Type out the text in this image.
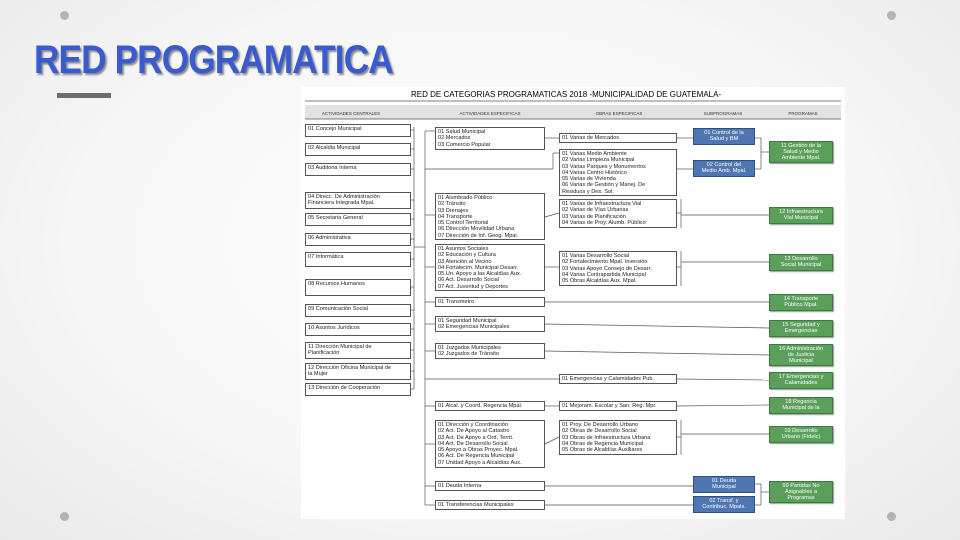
RED PROGRAMATICA
RED DE CATEGORIAS PROGRAMATICAS 2018 -MUNICIPALIDAD DE GUATEMALA-
ACTIVIDADES CENTRALES	ACTIVIDADES ESPECIFICAS	OBRAS ESPECIFICAS	SUBPROGRAMAS	PROGRAMAS
01 Concejo Municipal
02 Alcaldia Municipal
03 Auditoria Interna
04 Direcc. De Administración
Financiera Integrada Mpal.
05 Secretaria General
06 Administrativa
07 Informática
08 Recursos Humanos
09 Comunicación Social
10 Asuntos Jurídicos
11 Dirección Municipal de
Planificación
12 Dirección Oficina Municipal de
la Mujer
13 Dirección de Cooperación
01 Salud Municipal
02 Mercados
03 Comercio Popular
01 Alumbrado Público
02 Tránsito
03 Drenajes
04 Transporte
05 Control Territorial
06 Dirección Movilidad Urbana
07 Dirección de Inf. Geog. Mpal.
01 Asuntos Sociales
02 Educación y Cultura
03 Atención al Vecino
04 Fortalecim. Municipal Desarr.
05 Un. Apoyo a las Alcaldías Aux.
06 Act. Desarrollo Social
07 Act. Juventud y Deportes
01 Transmetro
01 Seguridad Municipal
02 Emergencias Municipales
01 Juzgados Municipales
02 Juzgados de Tránsito
01 Alcal. y Coord. Regencia Mpal.
01 Dirección y Coordinación
02 Act. De Apoyo al Catastro
03 Act. De Apoyo a Ord. Territ.
04 Act. De Desarrollo Social
05 Apoyo a Obras Proyec. Mpal.
06 Act. De Regencia Municipal
07 Unidad Apoyo a Alcaldías Aux.
01 Deuda Interna
01 Transferencias Municipales
01 Varias de Mercados
01 Varias Medio Ambiente
02 Varias Limpieza Municipal
03 Varias Parques y Monumentos
04 Varias Centro Histórico
05 Varias de Vivienda
06 Varias de Gestión y Manej. De
Residuos y Des. Sol.
01 Varias de Infraestructura Vial
02 Varias de Vías Urbanas
03 Varias de Planificación
04 Varias de Proy. Alumb. Público
01 Varias Desarrollo Social
02 Fortalecimiento Mpal. Inversión
03 Varias Apoyo Consejo de Desarr.
04 Varias Contrapartida Municipal
05 Obras Alcaldías Aux. Mpal.
01 Emergencias y Calamidades Pub.
01 Mejoram. Escolar y San. Reg. Mpr.
01 Proy. De Desarrollo Urbano
02 Obras de Desarrollo Social
03 Obras de Infraestructura Urbana
04 Obras de Regencia Municipal
05 Obras de Alcaldías Auxiliares
01 Control de la
Salud y BM
02 Control del
Medio Amb. Mpal.
01 Deuda
Municipal
02 Transf. y
Contribuc. Mpals.
11 Gestión de la
Salud y Medio
Ambiente Mpal.
12 Infraestructura
Vial Municipal
13 Desarrollo
Social Municipal
14 Transporte
Público Mpal.
15 Seguridad y
Emergencias
16 Administración
de Justicia
Municipal
17 Emergencias y
Calamidades
18 Regencia
Municipal de la
19 Desarrollo
Urbano (Fidelc)
99 Partidas No
Asignables a
Programas
